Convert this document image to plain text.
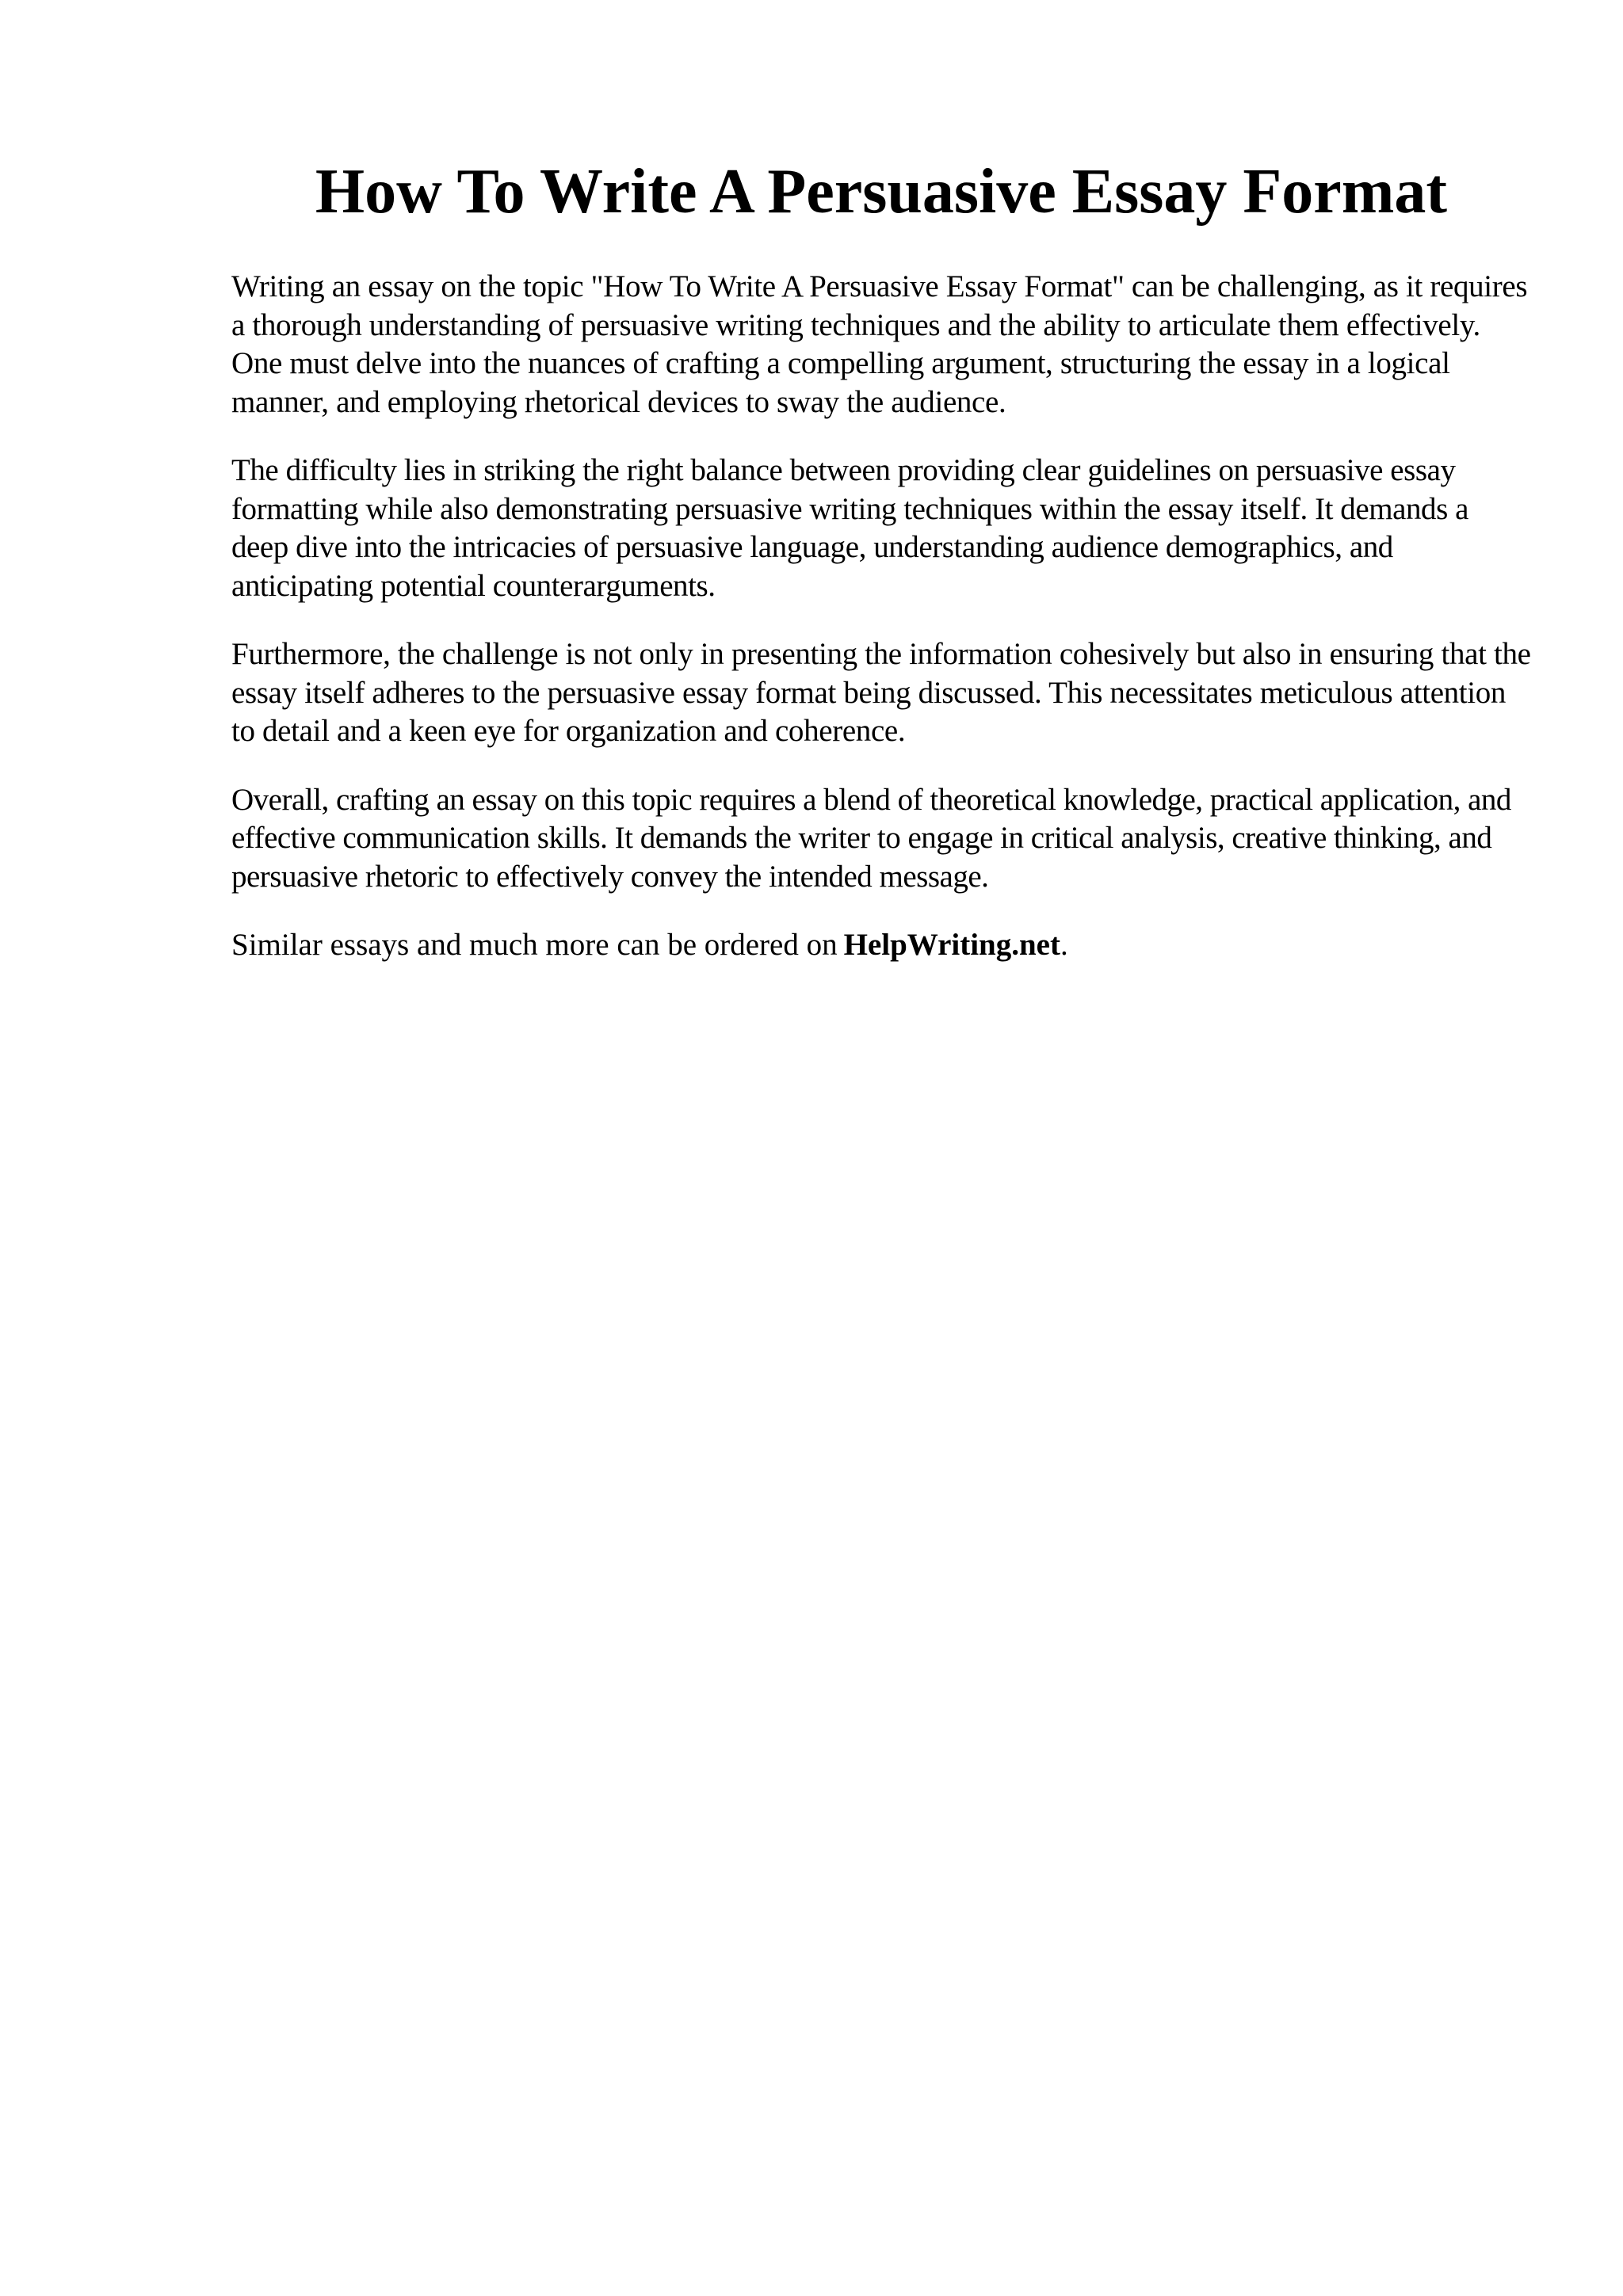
How To Write A Persuasive Essay Format

Writing an essay on the topic "How To Write A Persuasive Essay Format" can be challenging, as it requires a thorough understanding of persuasive writing techniques and the ability to articulate them effectively. One must delve into the nuances of crafting a compelling argument, structuring the essay in a logical manner, and employing rhetorical devices to sway the audience.

The difficulty lies in striking the right balance between providing clear guidelines on persuasive essay formatting while also demonstrating persuasive writing techniques within the essay itself. It demands a deep dive into the intricacies of persuasive language, understanding audience demographics, and anticipating potential counterarguments.

Furthermore, the challenge is not only in presenting the information cohesively but also in ensuring that the essay itself adheres to the persuasive essay format being discussed. This necessitates meticulous attention to detail and a keen eye for organization and coherence.

Overall, crafting an essay on this topic requires a blend of theoretical knowledge, practical application, and effective communication skills. It demands the writer to engage in critical analysis, creative thinking, and persuasive rhetoric to effectively convey the intended message.

Similar essays and much more can be ordered on HelpWriting.net.
